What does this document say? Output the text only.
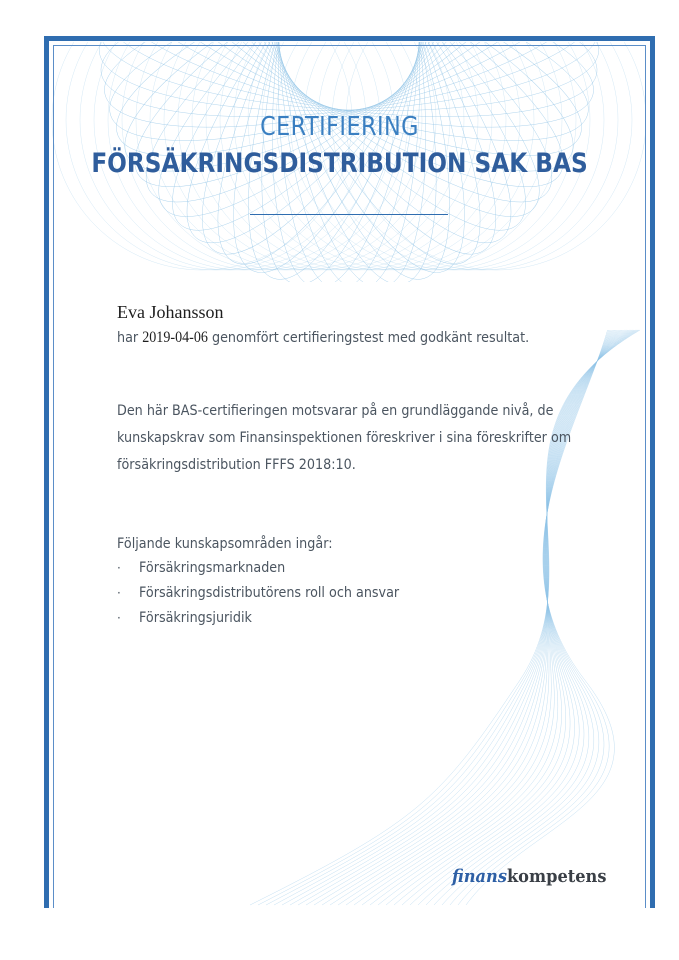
CERTIFIERING
FÖRSÄKRINGSDISTRIBUTION SAK BAS
Eva Johansson
har 2019-04-06 genomfört certifieringstest med godkänt resultat.
Den här BAS-certifieringen motsvarar på en grundläggande nivå, de
kunskapskrav som Finansinspektionen föreskriver i sina föreskrifter om
försäkringsdistribution FFFS 2018:10.
Följande kunskapsområden ingår:
· Försäkringsmarknaden
· Försäkringsdistributörens roll och ansvar
· Försäkringsjuridik
finanskompetens
